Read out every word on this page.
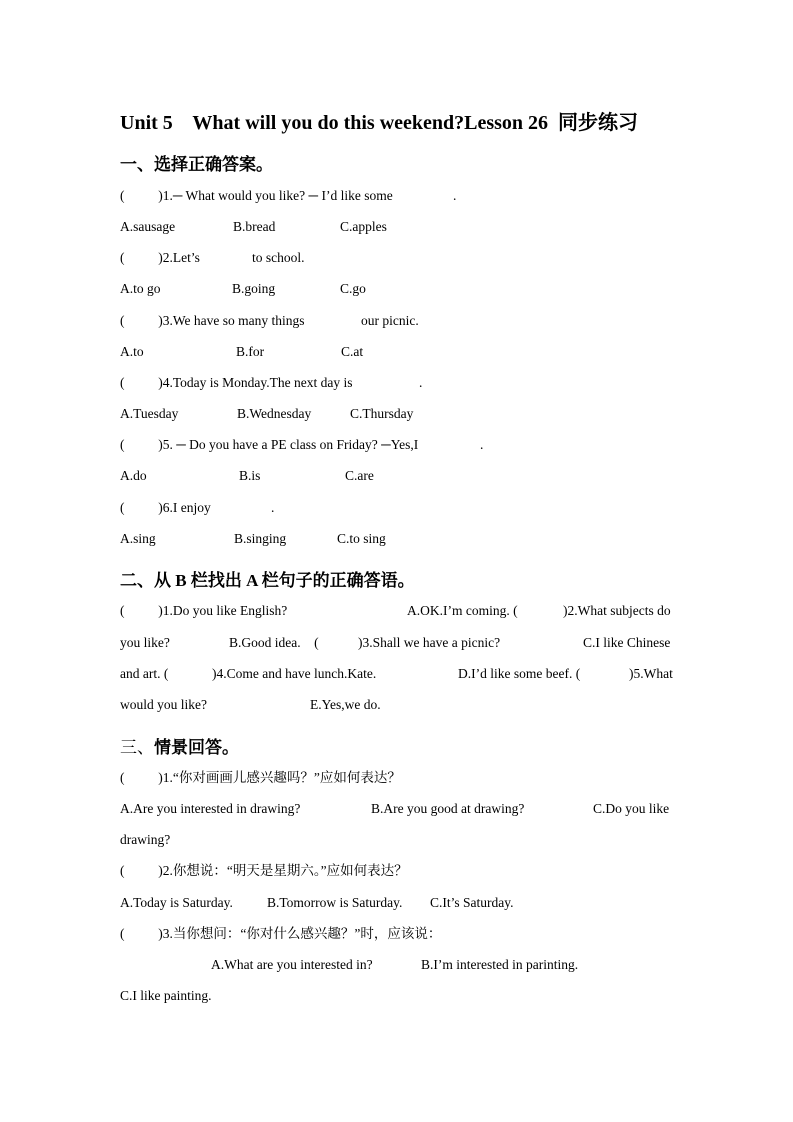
Unit 5    What will you do this weekend?Lesson 26  同步练习
一、选择正确答案。
(          )1.─ What would you like? ─ I’d like some	.
A.sausage	B.bread	C.apples
(          )2.Let’s	to school.
A.to go	B.going	C.go
(          )3.We have so many things	our picnic.
A.to	B.for	C.at
(          )4.Today is Monday.The next day is	.
A.Tuesday	B.Wednesday	C.Thursday
(          )5. ─ Do you have a PE class on Friday? ─Yes,I	.
A.do	B.is	C.are
(          )6.I enjoy	.
A.sing	B.singing	C.to sing
二、从 B 栏找出 A 栏句子的正确答语。
(          )1.Do you like English?	A.OK.I’m coming. (	)2.What subjects do
you like?	B.Good idea.    (	)3.Shall we have a picnic?	C.I like Chinese
and art. (	)4.Come and have lunch.Kate.	D.I’d like some beef. (	)5.What
would you like?	E.Yes,we do.
三、情景回答。
(          )1.“你对画画儿感兴趣吗？”应如何表达？
A.Are you interested in drawing?	B.Are you good at drawing?	C.Do you like
drawing?
(          )2.你想说：“明天是星期六。”应如何表达？
A.Today is Saturday.	B.Tomorrow is Saturday. C.It’s Saturday.
(          )3.当你想问：“你对什么感兴趣？”时，应该说：
A.What are you interested in?	B.I’m interested in parinting.
C.I like painting.
